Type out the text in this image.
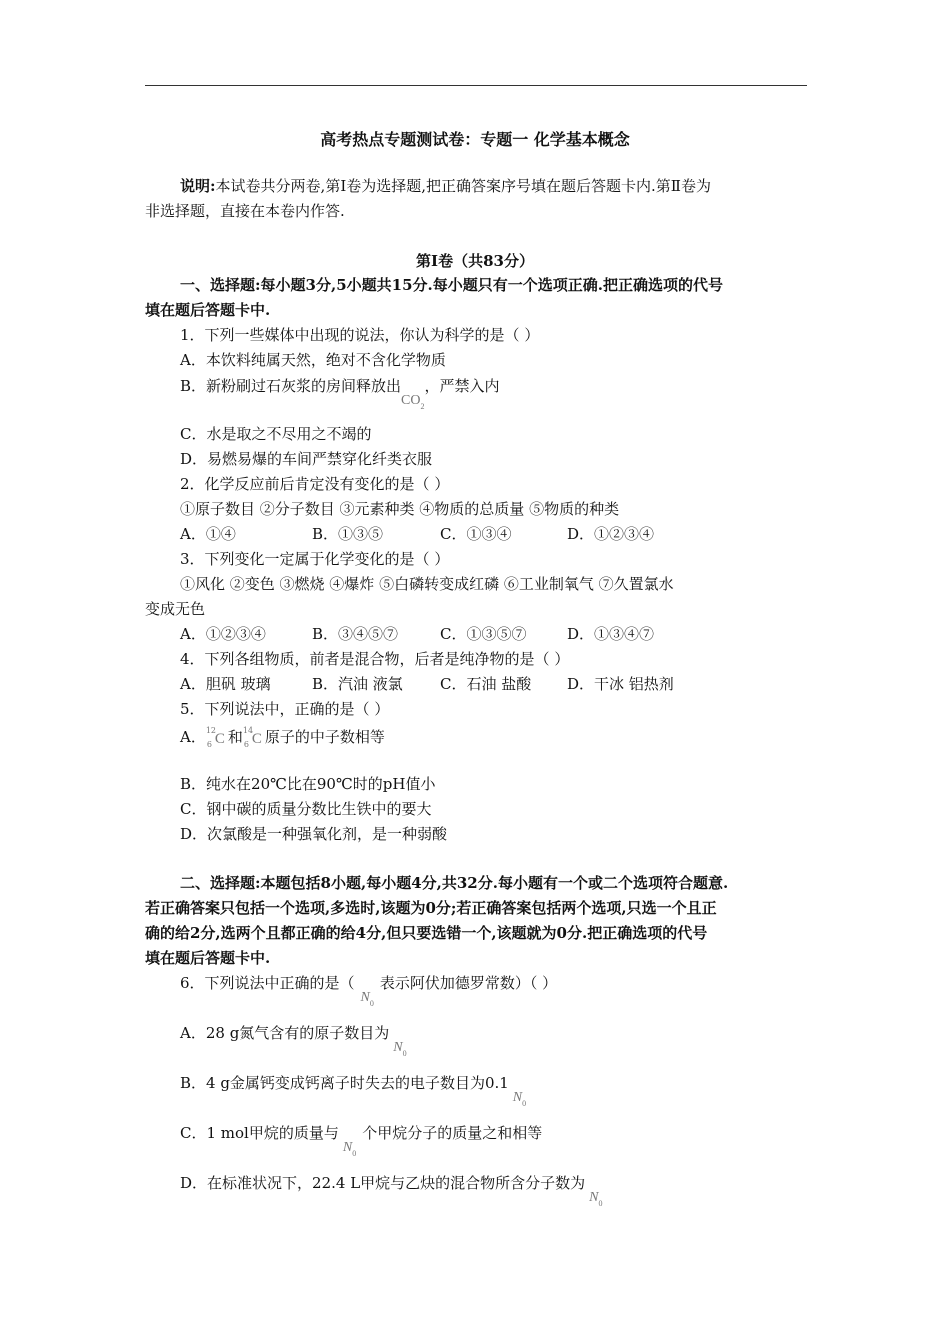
高考热点专题测试卷：专题一 化学基本概念
说明:本试卷共分两卷,第Ⅰ卷为选择题,把正确答案序号填在题后答题卡内.第Ⅱ卷为
非选择题，直接在本卷内作答.
第Ⅰ卷（共83分）
一、选择题:每小题3分,5小题共15分.每小题只有一个选项正确.把正确选项的代号
填在题后答题卡中.
1．下列一些媒体中出现的说法，你认为科学的是（ ）
A．本饮料纯属天然，绝对不含化学物质
B．新粉刷过石灰浆的房间释放出$CO_2$，严禁入内
C．水是取之不尽用之不竭的
D．易燃易爆的车间严禁穿化纤类衣服
2．化学反应前后肯定没有变化的是（ ）
①原子数目 ②分子数目 ③元素种类 ④物质的总质量 ⑤物质的种类
A．①④	B．①③⑤	C．①③④	D．①②③④
3．下列变化一定属于化学变化的是（ ）
①风化 ②变色 ③燃烧 ④爆炸 ⑤白磷转变成红磷 ⑥工业制氧气 ⑦久置氯水
变成无色
A．①②③④	B．③④⑤⑦	C．①③⑤⑦	D．①③④⑦
4．下列各组物质，前者是混合物，后者是纯净物的是（ ）
A．胆矾 玻璃	B．汽油 液氯 C．石油 盐酸 D．干冰 铝热剂
5．下列说法中，正确的是（ ）
A． 12
6 C 和 14
6 C 原子的中子数相等
B．纯水在20℃比在90℃时的pH值小
C．钢中碳的质量分数比生铁中的要大
D．次氯酸是一种强氧化剂，是一种弱酸
二、选择题:本题包括8小题,每小题4分,共32分.每小题有一个或二个选项符合题意.
若正确答案只包括一个选项,多选时,该题为0分;若正确答案包括两个选项,只选一个且正
确的给2分,选两个且都正确的给4分,但只要选错一个,该题就为0分.把正确选项的代号
填在题后答题卡中.
6．下列说法中正确的是（$N_0$表示阿伏加德罗常数）（ ）
A．28 g氮气含有的原子数目为$N_0$
B．4 g金属钙变成钙离子时失去的电子数目为$0.1N_0$
C．1 mol甲烷的质量与$N_0$个甲烷分子的质量之和相等
D．在标准状况下，22.4 L甲烷与乙炔的混合物所含分子数为$N_0$
